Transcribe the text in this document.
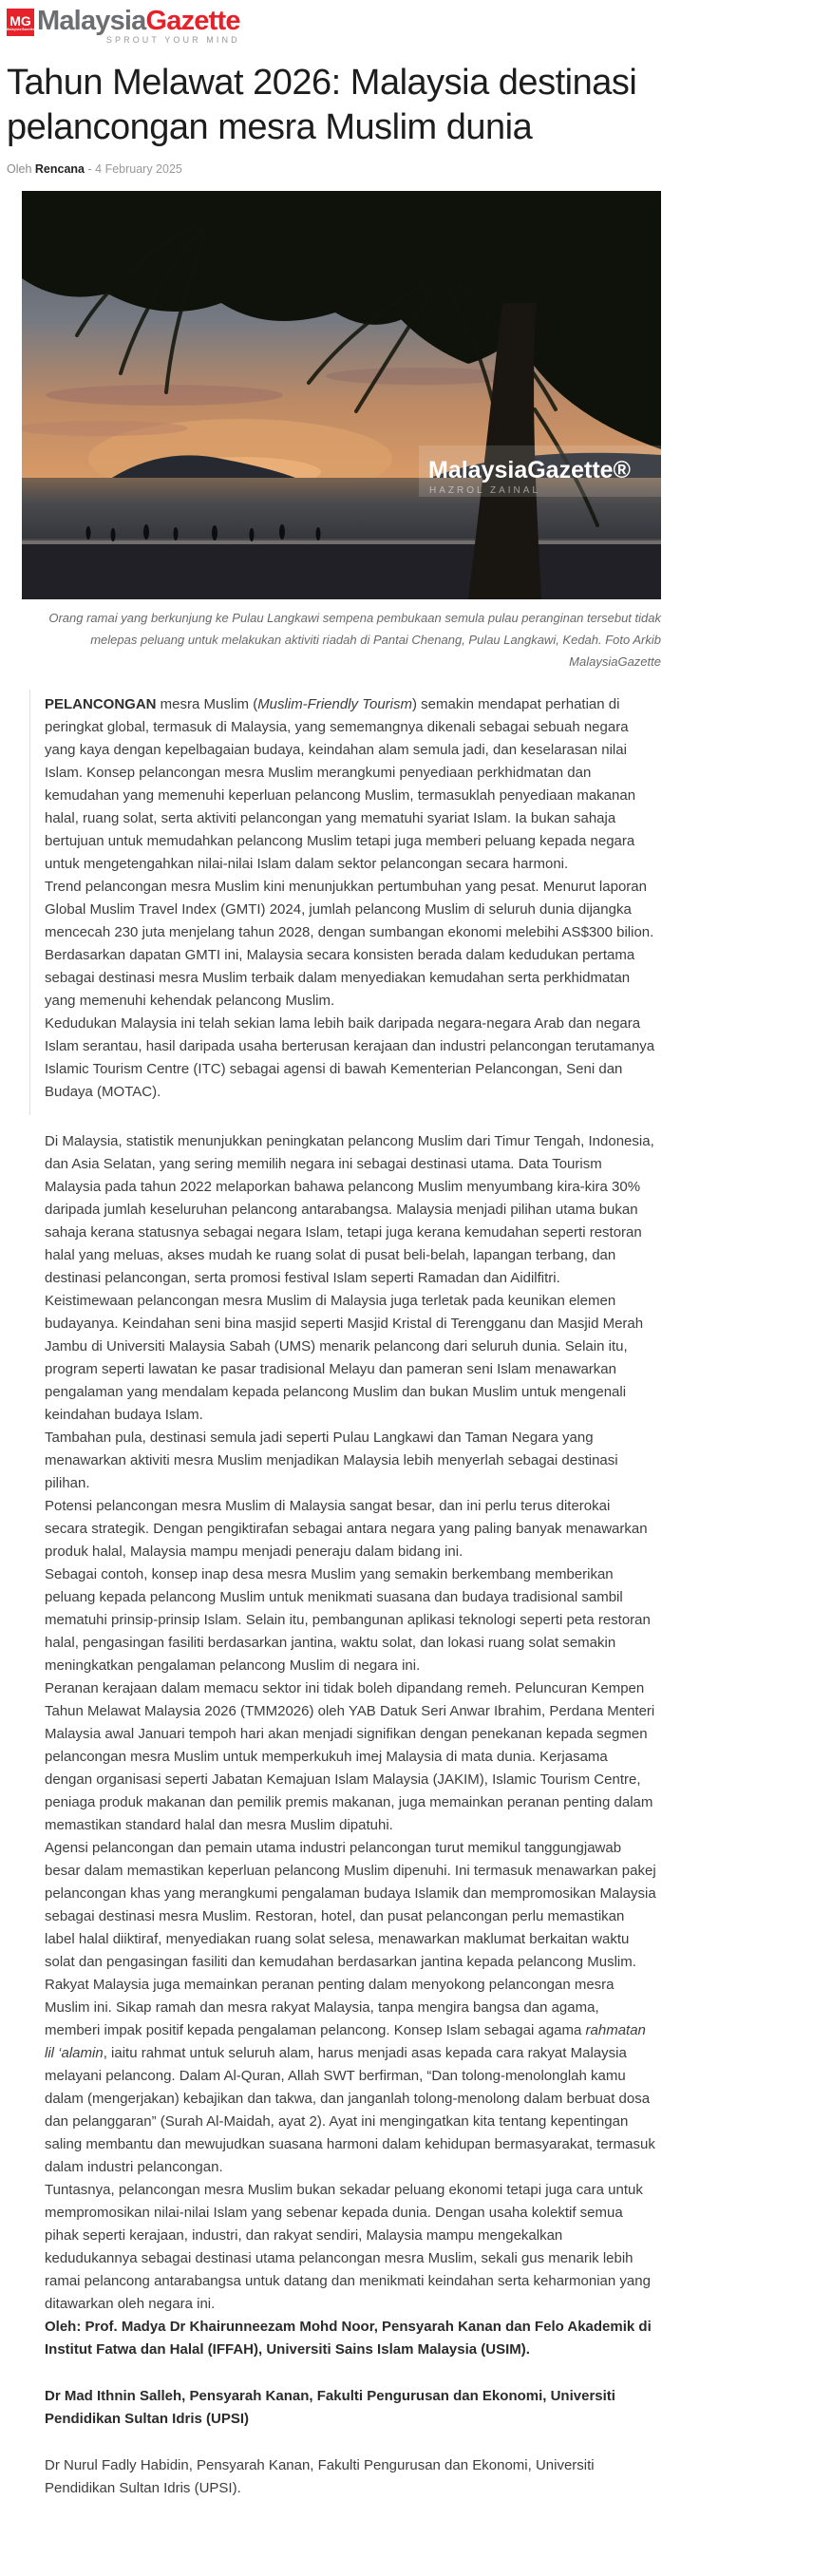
MG
MalaysiaGazette MalaysiaGazette
SPROUT YOUR MIND
Tahun Melawat 2026: Malaysia destinasi pelancongan mesra Muslim dunia
Oleh Rencana - 4 February 2025
MalaysiaGazette®
HAZROL ZAINAL
Orang ramai yang berkunjung ke Pulau Langkawi sempena pembukaan semula pulau peranginan tersebut tidak melepas peluang untuk melakukan aktiviti riadah di Pantai Chenang, Pulau Langkawi, Kedah. Foto Arkib MalaysiaGazette

PELANCONGAN mesra Muslim (Muslim-Friendly Tourism) semakin mendapat perhatian di peringkat global, termasuk di Malaysia, yang sememangnya dikenali sebagai sebuah negara yang kaya dengan kepelbagaian budaya, keindahan alam semula jadi, dan keselarasan nilai Islam. Konsep pelancongan mesra Muslim merangkumi penyediaan perkhidmatan dan kemudahan yang memenuhi keperluan pelancong Muslim, termasuklah penyediaan makanan halal, ruang solat, serta aktiviti pelancongan yang mematuhi syariat Islam. Ia bukan sahaja bertujuan untuk memudahkan pelancong Muslim tetapi juga memberi peluang kepada negara untuk mengetengahkan nilai-nilai Islam dalam sektor pelancongan secara harmoni.

Trend pelancongan mesra Muslim kini menunjukkan pertumbuhan yang pesat. Menurut laporan Global Muslim Travel Index (GMTI) 2024, jumlah pelancong Muslim di seluruh dunia dijangka mencecah 230 juta menjelang tahun 2028, dengan sumbangan ekonomi melebihi AS$300 bilion. Berdasarkan dapatan GMTI ini, Malaysia secara konsisten berada dalam kedudukan pertama sebagai destinasi mesra Muslim terbaik dalam menyediakan kemudahan serta perkhidmatan yang memenuhi kehendak pelancong Muslim.

Kedudukan Malaysia ini telah sekian lama lebih baik daripada negara-negara Arab dan negara Islam serantau, hasil daripada usaha berterusan kerajaan dan industri pelancongan terutamanya Islamic Tourism Centre (ITC) sebagai agensi di bawah Kementerian Pelancongan, Seni dan Budaya (MOTAC).

Di Malaysia, statistik menunjukkan peningkatan pelancong Muslim dari Timur Tengah, Indonesia, dan Asia Selatan, yang sering memilih negara ini sebagai destinasi utama. Data Tourism Malaysia pada tahun 2022 melaporkan bahawa pelancong Muslim menyumbang kira-kira 30% daripada jumlah keseluruhan pelancong antarabangsa. Malaysia menjadi pilihan utama bukan sahaja kerana statusnya sebagai negara Islam, tetapi juga kerana kemudahan seperti restoran halal yang meluas, akses mudah ke ruang solat di pusat beli-belah, lapangan terbang, dan destinasi pelancongan, serta promosi festival Islam seperti Ramadan dan Aidilfitri.

Keistimewaan pelancongan mesra Muslim di Malaysia juga terletak pada keunikan elemen budayanya. Keindahan seni bina masjid seperti Masjid Kristal di Terengganu dan Masjid Merah Jambu di Universiti Malaysia Sabah (UMS) menarik pelancong dari seluruh dunia. Selain itu, program seperti lawatan ke pasar tradisional Melayu dan pameran seni Islam menawarkan pengalaman yang mendalam kepada pelancong Muslim dan bukan Muslim untuk mengenali keindahan budaya Islam.

Tambahan pula, destinasi semula jadi seperti Pulau Langkawi dan Taman Negara yang menawarkan aktiviti mesra Muslim menjadikan Malaysia lebih menyerlah sebagai destinasi pilihan.

Potensi pelancongan mesra Muslim di Malaysia sangat besar, dan ini perlu terus diterokai secara strategik. Dengan pengiktirafan sebagai antara negara yang paling banyak menawarkan produk halal, Malaysia mampu menjadi peneraju dalam bidang ini.

Sebagai contoh, konsep inap desa mesra Muslim yang semakin berkembang memberikan peluang kepada pelancong Muslim untuk menikmati suasana dan budaya tradisional sambil mematuhi prinsip-prinsip Islam. Selain itu, pembangunan aplikasi teknologi seperti peta restoran halal, pengasingan fasiliti berdasarkan jantina, waktu solat, dan lokasi ruang solat semakin meningkatkan pengalaman pelancong Muslim di negara ini.

Peranan kerajaan dalam memacu sektor ini tidak boleh dipandang remeh. Peluncuran Kempen Tahun Melawat Malaysia 2026 (TMM2026) oleh YAB Datuk Seri Anwar Ibrahim, Perdana Menteri Malaysia awal Januari tempoh hari akan menjadi signifikan dengan penekanan kepada segmen pelancongan mesra Muslim untuk memperkukuh imej Malaysia di mata dunia. Kerjasama dengan organisasi seperti Jabatan Kemajuan Islam Malaysia (JAKIM), Islamic Tourism Centre, peniaga produk makanan dan pemilik premis makanan, juga memainkan peranan penting dalam memastikan standard halal dan mesra Muslim dipatuhi.

Agensi pelancongan dan pemain utama industri pelancongan turut memikul tanggungjawab besar dalam memastikan keperluan pelancong Muslim dipenuhi. Ini termasuk menawarkan pakej pelancongan khas yang merangkumi pengalaman budaya Islamik dan mempromosikan Malaysia sebagai destinasi mesra Muslim. Restoran, hotel, dan pusat pelancongan perlu memastikan label halal diiktiraf, menyediakan ruang solat selesa, menawarkan maklumat berkaitan waktu solat dan pengasingan fasiliti dan kemudahan berdasarkan jantina kepada pelancong Muslim.

Rakyat Malaysia juga memainkan peranan penting dalam menyokong pelancongan mesra Muslim ini. Sikap ramah dan mesra rakyat Malaysia, tanpa mengira bangsa dan agama, memberi impak positif kepada pengalaman pelancong. Konsep Islam sebagai agama rahmatan lil ‘alamin, iaitu rahmat untuk seluruh alam, harus menjadi asas kepada cara rakyat Malaysia melayani pelancong. Dalam Al-Quran, Allah SWT berfirman, “Dan tolong-menolonglah kamu dalam (mengerjakan) kebajikan dan takwa, dan janganlah tolong-menolong dalam berbuat dosa dan pelanggaran” (Surah Al-Maidah, ayat 2). Ayat ini mengingatkan kita tentang kepentingan saling membantu dan mewujudkan suasana harmoni dalam kehidupan bermasyarakat, termasuk dalam industri pelancongan.

Tuntasnya, pelancongan mesra Muslim bukan sekadar peluang ekonomi tetapi juga cara untuk mempromosikan nilai-nilai Islam yang sebenar kepada dunia. Dengan usaha kolektif semua pihak seperti kerajaan, industri, dan rakyat sendiri, Malaysia mampu mengekalkan kedudukannya sebagai destinasi utama pelancongan mesra Muslim, sekali gus menarik lebih ramai pelancong antarabangsa untuk datang dan menikmati keindahan serta keharmonian yang ditawarkan oleh negara ini.

Oleh: Prof. Madya Dr Khairunneezam Mohd Noor, Pensyarah Kanan dan Felo Akademik di Institut Fatwa dan Halal (IFFAH), Universiti Sains Islam Malaysia (USIM).

Dr Mad Ithnin Salleh, Pensyarah Kanan, Fakulti Pengurusan dan Ekonomi, Universiti Pendidikan Sultan Idris (UPSI)

Dr Nurul Fadly Habidin, Pensyarah Kanan, Fakulti Pengurusan dan Ekonomi, Universiti Pendidikan Sultan Idris (UPSI).
